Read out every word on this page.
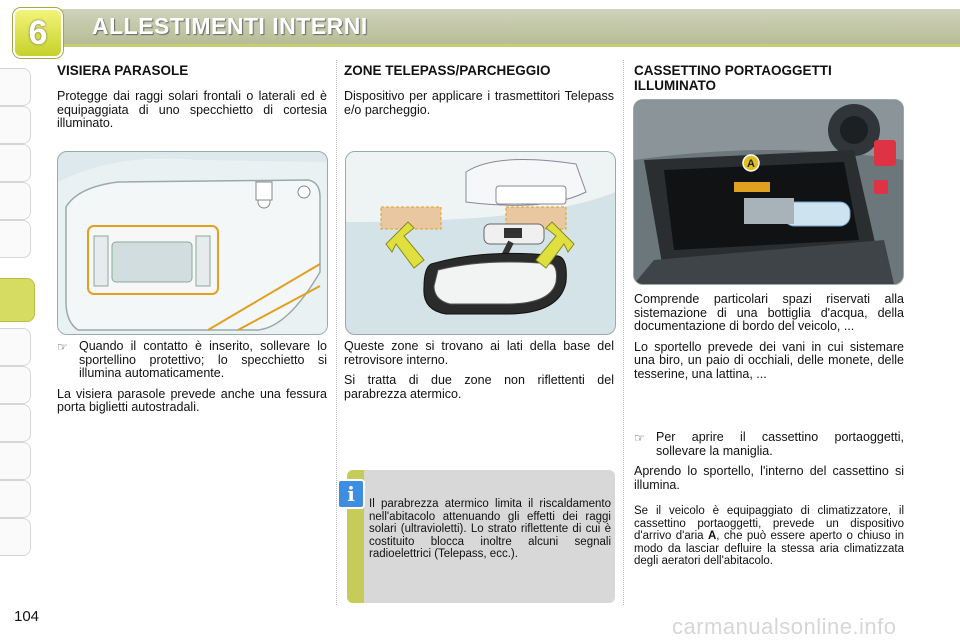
6 ALLESTIMENTI INTERNI
VISIERA PARASOLE

Protegge dai raggi solari frontali o laterali ed è equipaggiata di uno specchietto di cortesia illuminato.

☞ Quando il contatto è inserito, sollevare lo sportellino protettivo; lo specchietto si illumina automaticamente.

La visiera parasole prevede anche una fessura porta biglietti autostradali.

ZONE TELEPASS/PARCHEGGIO

Dispositivo per applicare i trasmettitori Telepass e/o parcheggio.

Queste zone si trovano ai lati della base del retrovisore interno.

Si tratta di due zone non riflettenti del parabrezza atermico.

i	Il parabrezza atermico limita il riscaldamento nell'abitacolo attenuando gli effetti dei raggi solari (ultravioletti). Lo strato riflettente di cui è costituito blocca inoltre alcuni segnali radioelettrici (Telepass, ecc.).
CASSETTINO PORTAOGGETTI ILLUMINATO
A

Comprende particolari spazi riservati alla sistemazione di una bottiglia d'acqua, della documentazione di bordo del veicolo, ...

Lo sportello prevede dei vani in cui sistemare una biro, un paio di occhiali, delle monete, delle tesserine, una lattina, ...

☞ Per aprire il cassettino portaoggetti, sollevare la maniglia.

Aprendo lo sportello, l'interno del cassettino si illumina.

Se il veicolo è equipaggiato di climatizzatore, il cassettino portaoggetti, prevede un dispositivo d'arrivo d'aria A, che può essere aperto o chiuso in modo da lasciar defluire la stessa aria climatizzata degli aeratori dell'abitacolo.

104	carmanualsonline.info
